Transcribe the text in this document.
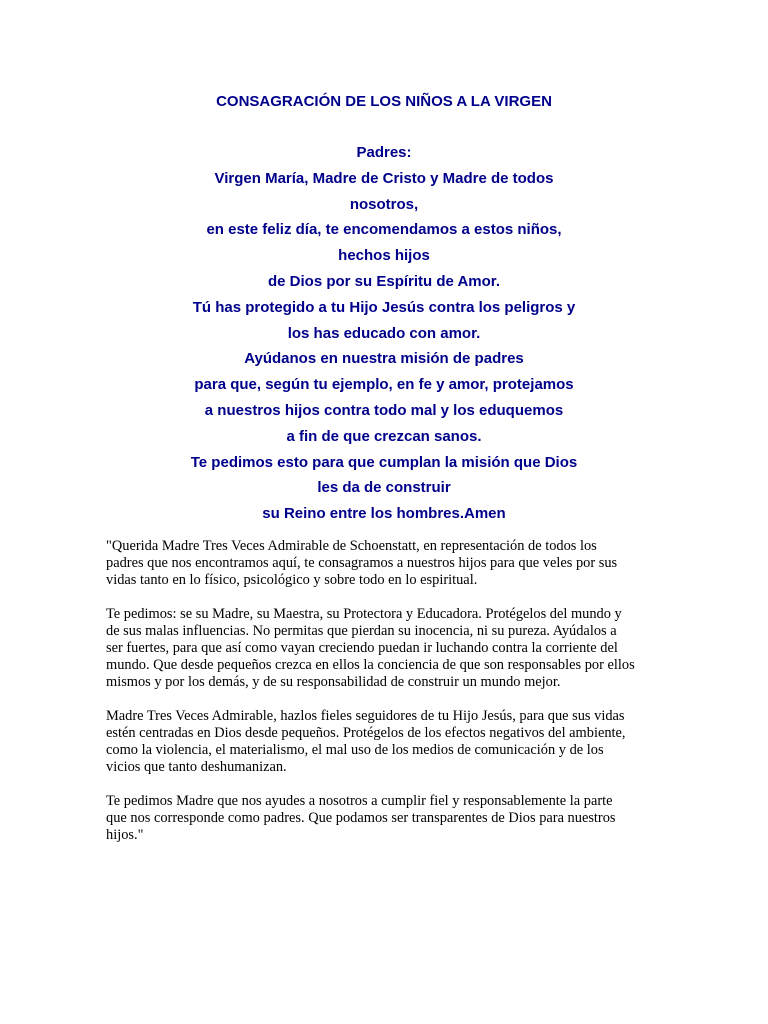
CONSAGRACIÓN DE LOS NIÑOS A LA VIRGEN
Padres:
Virgen María, Madre de Cristo y Madre de todos
nosotros,
en este feliz día, te encomendamos a estos niños,
hechos hijos
de Dios por su Espíritu de Amor.
Tú has protegido a tu Hijo Jesús contra los peligros y
los has educado con amor.
Ayúdanos en nuestra misión de padres
para que, según tu ejemplo, en fe y amor, protejamos
a nuestros hijos contra todo mal y los eduquemos
a fin de que crezcan sanos.
Te pedimos esto para que cumplan la misión que Dios
les da de construir
su Reino entre los hombres.Amen

"Querida Madre Tres Veces Admirable de Schoenstatt, en representación de todos los
padres que nos encontramos aquí, te consagramos a nuestros hijos para que veles por sus
vidas tanto en lo físico, psicológico y sobre todo en lo espiritual.

Te pedimos: se su Madre, su Maestra, su Protectora y Educadora. Protégelos del mundo y
de sus malas influencias. No permitas que pierdan su inocencia, ni su pureza. Ayúdalos a
ser fuertes, para que así como vayan creciendo puedan ir luchando contra la corriente del
mundo. Que desde pequeños crezca en ellos la conciencia de que son responsables por ellos
mismos y por los demás, y de su responsabilidad de construir un mundo mejor.

Madre Tres Veces Admirable, hazlos fieles seguidores de tu Hijo Jesús, para que sus vidas
estén centradas en Dios desde pequeños. Protégelos de los efectos negativos del ambiente,
como la violencia, el materialismo, el mal uso de los medios de comunicación y de los
vicios que tanto deshumanizan.

Te pedimos Madre que nos ayudes a nosotros a cumplir fiel y responsablemente la parte
que nos corresponde como padres. Que podamos ser transparentes de Dios para nuestros
hijos."
